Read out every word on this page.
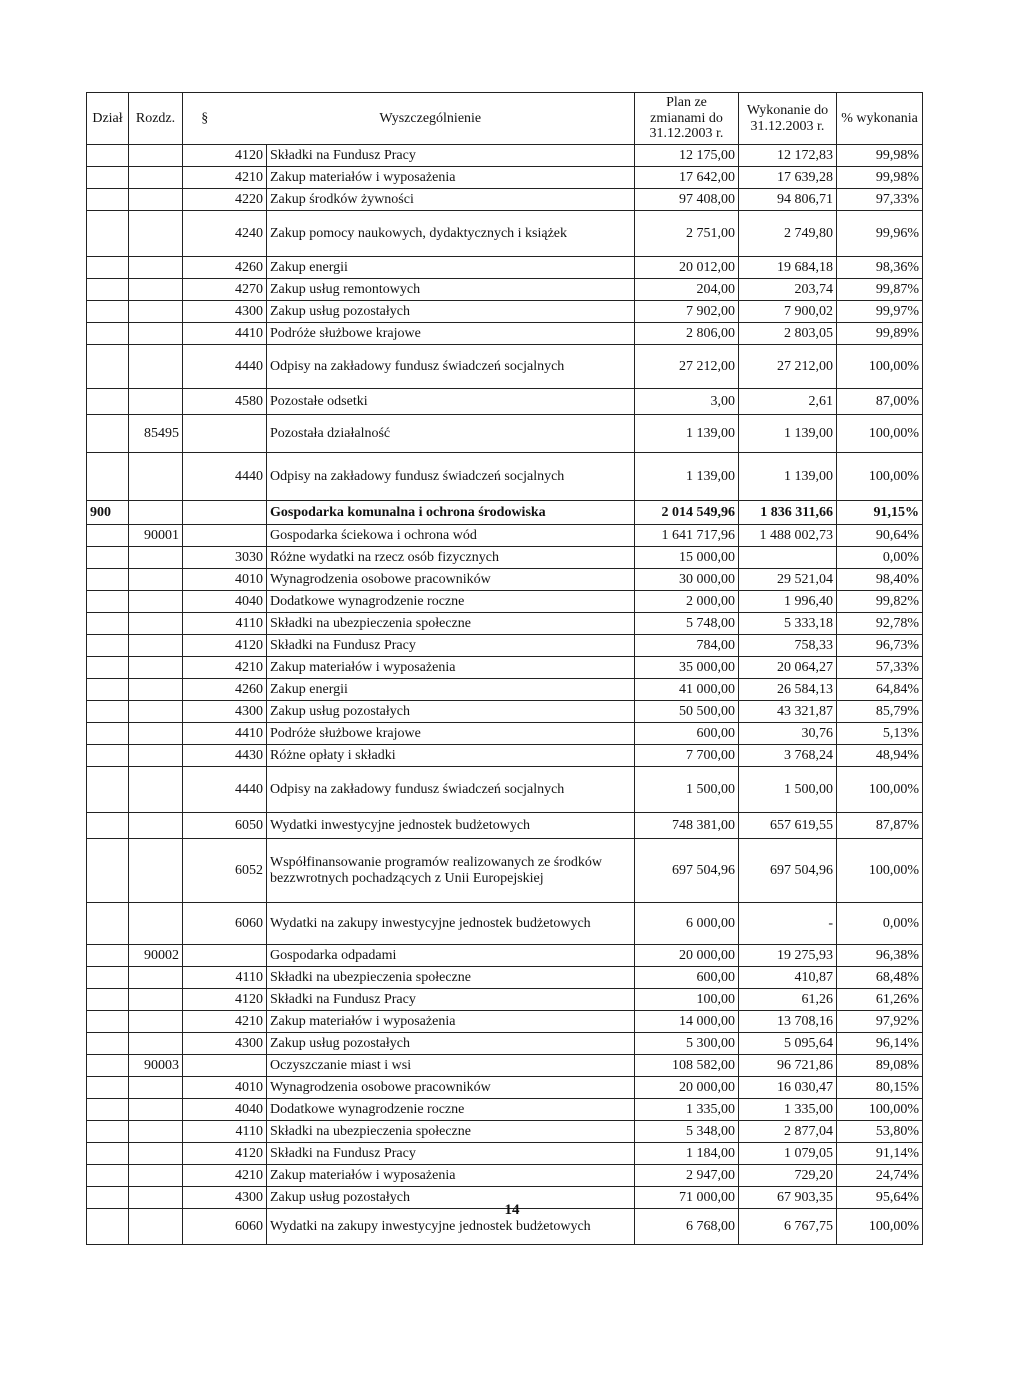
Dział	Rozdz.	§	Wyszczególnienie		Plan ze zmianami do 31.12.2003 r.	Wykonanie do 31.12.2003 r.	% wykonania
		4120		Składki na Fundusz Pracy	12 175,00	12 172,83	99,98%
		4210		Zakup materiałów i wyposażenia	17 642,00	17 639,28	99,98%
		4220		Zakup środków żywności	97 408,00	94 806,71	97,33%
		4240		Zakup pomocy naukowych, dydaktycznych i książek	2 751,00	2 749,80	99,96%
		4260		Zakup energii	20 012,00	19 684,18	98,36%
		4270		Zakup usług remontowych	204,00	203,74	99,87%
		4300		Zakup usług pozostałych	7 902,00	7 900,02	99,97%
		4410		Podróże służbowe krajowe	2 806,00	2 803,05	99,89%
		4440		Odpisy na zakładowy fundusz świadczeń socjalnych	27 212,00	27 212,00	100,00%
		4580		Pozostałe odsetki	3,00	2,61	87,00%
	85495			Pozostała działalność	1 139,00	1 139,00	100,00%
		4440		Odpisy na zakładowy fundusz świadczeń socjalnych	1 139,00	1 139,00	100,00%
900				Gospodarka komunalna i ochrona środowiska	2 014 549,96	1 836 311,66	91,15%
	90001			Gospodarka ściekowa i ochrona wód	1 641 717,96	1 488 002,73	90,64%
		3030		Różne wydatki na rzecz osób fizycznych	15 000,00		0,00%
		4010		Wynagrodzenia osobowe pracowników	30 000,00	29 521,04	98,40%
		4040		Dodatkowe wynagrodzenie roczne	2 000,00	1 996,40	99,82%
		4110		Składki na ubezpieczenia społeczne	5 748,00	5 333,18	92,78%
		4120		Składki na Fundusz Pracy	784,00	758,33	96,73%
		4210		Zakup materiałów i wyposażenia	35 000,00	20 064,27	57,33%
		4260		Zakup energii	41 000,00	26 584,13	64,84%
		4300		Zakup usług pozostałych	50 500,00	43 321,87	85,79%
		4410		Podróże służbowe krajowe	600,00	30,76	5,13%
		4430		Różne opłaty i składki	7 700,00	3 768,24	48,94%
		4440		Odpisy na zakładowy fundusz świadczeń socjalnych	1 500,00	1 500,00	100,00%
		6050		Wydatki inwestycyjne jednostek budżetowych	748 381,00	657 619,55	87,87%
		6052		Współfinansowanie programów realizowanych ze środków bezzwrotnych pochadzących z Unii Europejskiej	697 504,96	697 504,96	100,00%
		6060		Wydatki na zakupy inwestycyjne jednostek budżetowych	6 000,00	-	0,00%
	90002			Gospodarka odpadami	20 000,00	19 275,93	96,38%
		4110		Składki na ubezpieczenia społeczne	600,00	410,87	68,48%
		4120		Składki na Fundusz Pracy	100,00	61,26	61,26%
		4210		Zakup materiałów i wyposażenia	14 000,00	13 708,16	97,92%
		4300		Zakup usług pozostałych	5 300,00	5 095,64	96,14%
	90003			Oczyszczanie miast i wsi	108 582,00	96 721,86	89,08%
		4010		Wynagrodzenia osobowe pracowników	20 000,00	16 030,47	80,15%
		4040		Dodatkowe wynagrodzenie roczne	1 335,00	1 335,00	100,00%
		4110		Składki na ubezpieczenia społeczne	5 348,00	2 877,04	53,80%
		4120		Składki na Fundusz Pracy	1 184,00	1 079,05	91,14%
		4210		Zakup materiałów i wyposażenia	2 947,00	729,20	24,74%
		4300		Zakup usług pozostałych	71 000,00	67 903,35	95,64%
		6060		Wydatki na zakupy inwestycyjne jednostek budżetowych	6 768,00	6 767,75	100,00%
14
